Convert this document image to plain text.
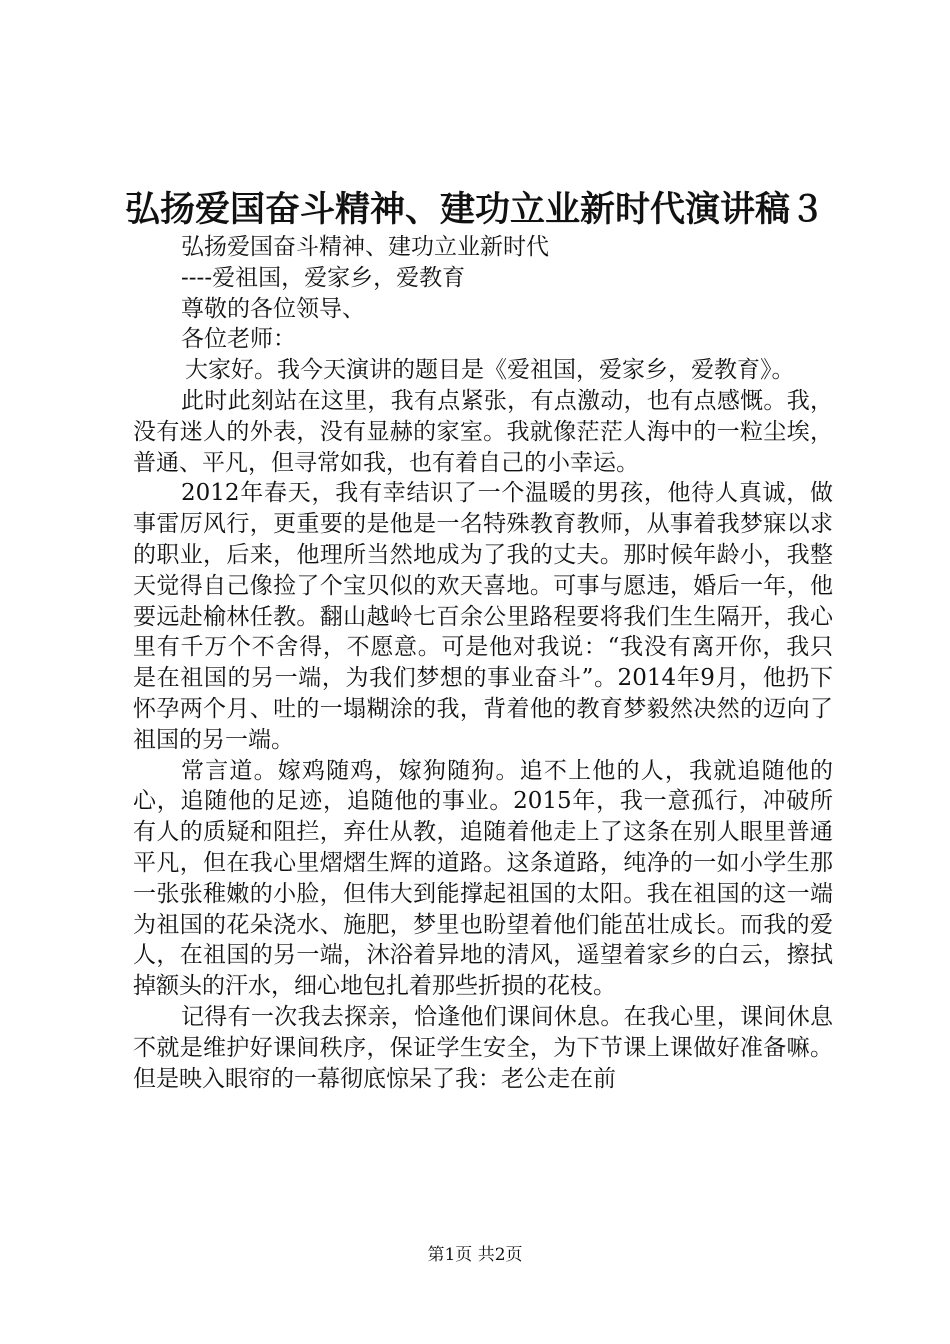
弘扬爱国奋斗精神、建功立业新时代演讲稿３

弘扬爱国奋斗精神、建功立业新时代

----爱祖国，爱家乡，爱教育

尊敬的各位领导、

各位老师：

大家好。我今天演讲的题目是《爱祖国，爱家乡，爱教育》。

此时此刻站在这里，我有点紧张，有点激动，也有点感慨。我，没有迷人的外表，没有显赫的家室。我就像茫茫人海中的一粒尘埃，普通、平凡，但寻常如我，也有着自己的小幸运。

2012年春天，我有幸结识了一个温暖的男孩，他待人真诚，做事雷厉风行，更重要的是他是一名特殊教育教师，从事着我梦寐以求的职业，后来，他理所当然地成为了我的丈夫。那时候年龄小，我整天觉得自己像捡了个宝贝似的欢天喜地。可事与愿违，婚后一年，他要远赴榆林任教。翻山越岭七百余公里路程要将我们生生隔开，我心里有千万个不舍得，不愿意。可是他对我说：“我没有离开你，我只是在祖国的另一端，为我们梦想的事业奋斗”。2014年9月，他扔下怀孕两个月、吐的一塌糊涂的我，背着他的教育梦毅然决然的迈向了祖国的另一端。

常言道。嫁鸡随鸡，嫁狗随狗。追不上他的人，我就追随他的心，追随他的足迹，追随他的事业。2015年，我一意孤行，冲破所有人的质疑和阻拦，弃仕从教，追随着他走上了这条在别人眼里普通平凡，但在我心里熠熠生辉的道路。这条道路，纯净的一如小学生那一张张稚嫩的小脸，但伟大到能撑起祖国的太阳。我在祖国的这一端为祖国的花朵浇水、施肥，梦里也盼望着他们能茁壮成长。而我的爱人，在祖国的另一端，沐浴着异地的清风，遥望着家乡的白云，擦拭掉额头的汗水，细心地包扎着那些折损的花枝。

记得有一次我去探亲，恰逢他们课间休息。在我心里，课间休息不就是维护好课间秩序，保证学生安全，为下节课上课做好准备嘛。但是映入眼帘的一幕彻底惊呆了我：老公走在前

第1页 共2页
